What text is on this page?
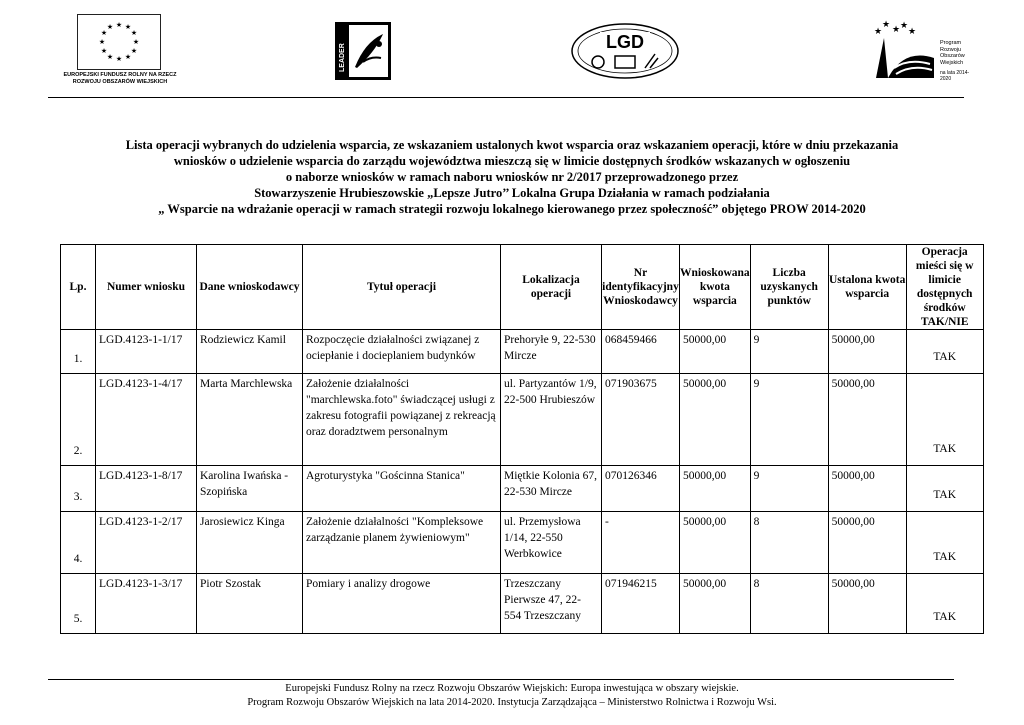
★ ★
★
★
★
★
★
★
★
★
★
★
EUROPEJSKI FUNDUSZ ROLNY NA RZECZ
ROZWOJU OBSZARÓW WIEJSKICH
LEADER
LGD
★ ★ ★
★
★
Program
Rozwoju
Obszarów
Wiejskich
na lata 2014-2020
Lista operacji wybranych do udzielenia wsparcia, ze wskazaniem ustalonych kwot wsparcia oraz wskazaniem operacji, które w dniu przekazania
wniosków o udzielenie wsparcia do zarządu województwa mieszczą się w limicie dostępnych środków wskazanych w ogłoszeniu
o naborze wniosków w ramach naboru wniosków nr 2/2017 przeprowadzonego przez
Stowarzyszenie Hrubieszowskie „Lepsze Jutro’’ Lokalna Grupa Działania w ramach podziałania
„ Wsparcie na wdrażanie operacji w ramach strategii rozwoju lokalnego kierowanego przez społeczność” objętego PROW 2014-2020
Lp.	Numer wniosku	Dane wnioskodawcy	Tytuł operacji	Lokalizacja operacji	Nr identyfikacyjny Wnioskodawcy	Wnioskowana kwota wsparcia	Liczba uzyskanych punktów	Ustalona kwota wsparcia	Operacja mieści się w limicie dostępnych środków TAK/NIE
1.	LGD.4123-1-1/17	Rodziewicz Kamil	Rozpoczęcie działalności związanej z ociepłanie i docieplaniem budynków	Prehoryłe 9, 22-530 Mircze	068459466	50000,00	9	50000,00	TAK
2.	LGD.4123-1-4/17	Marta Marchlewska	Założenie działalności "marchlewska.foto" świadczącej usługi z zakresu fotografii powiązanej z rekreacją oraz doradztwem personalnym	ul. Partyzantów 1/9, 22-500 Hrubieszów	071903675	50000,00	9	50000,00	TAK
3.	LGD.4123-1-8/17	Karolina Iwańska - Szopińska	Agroturystyka "Gościnna Stanica"	Miętkie Kolonia 67, 22-530 Mircze	070126346	50000,00	9	50000,00	TAK
4.	LGD.4123-1-2/17	Jarosiewicz Kinga	Założenie działalności "Kompleksowe zarządzanie planem żywieniowym"	ul. Przemysłowa 1/14, 22-550 Werbkowice	-	50000,00	8	50000,00	TAK
5.	LGD.4123-1-3/17	Piotr Szostak	Pomiary i analizy drogowe	Trzeszczany Pierwsze 47, 22-554 Trzeszczany	071946215	50000,00	8	50000,00	TAK
Europejski Fundusz Rolny na rzecz Rozwoju Obszarów Wiejskich: Europa inwestująca w obszary wiejskie.
Program Rozwoju Obszarów Wiejskich na lata 2014-2020. Instytucja Zarządzająca – Ministerstwo Rolnictwa i Rozwoju Wsi.
